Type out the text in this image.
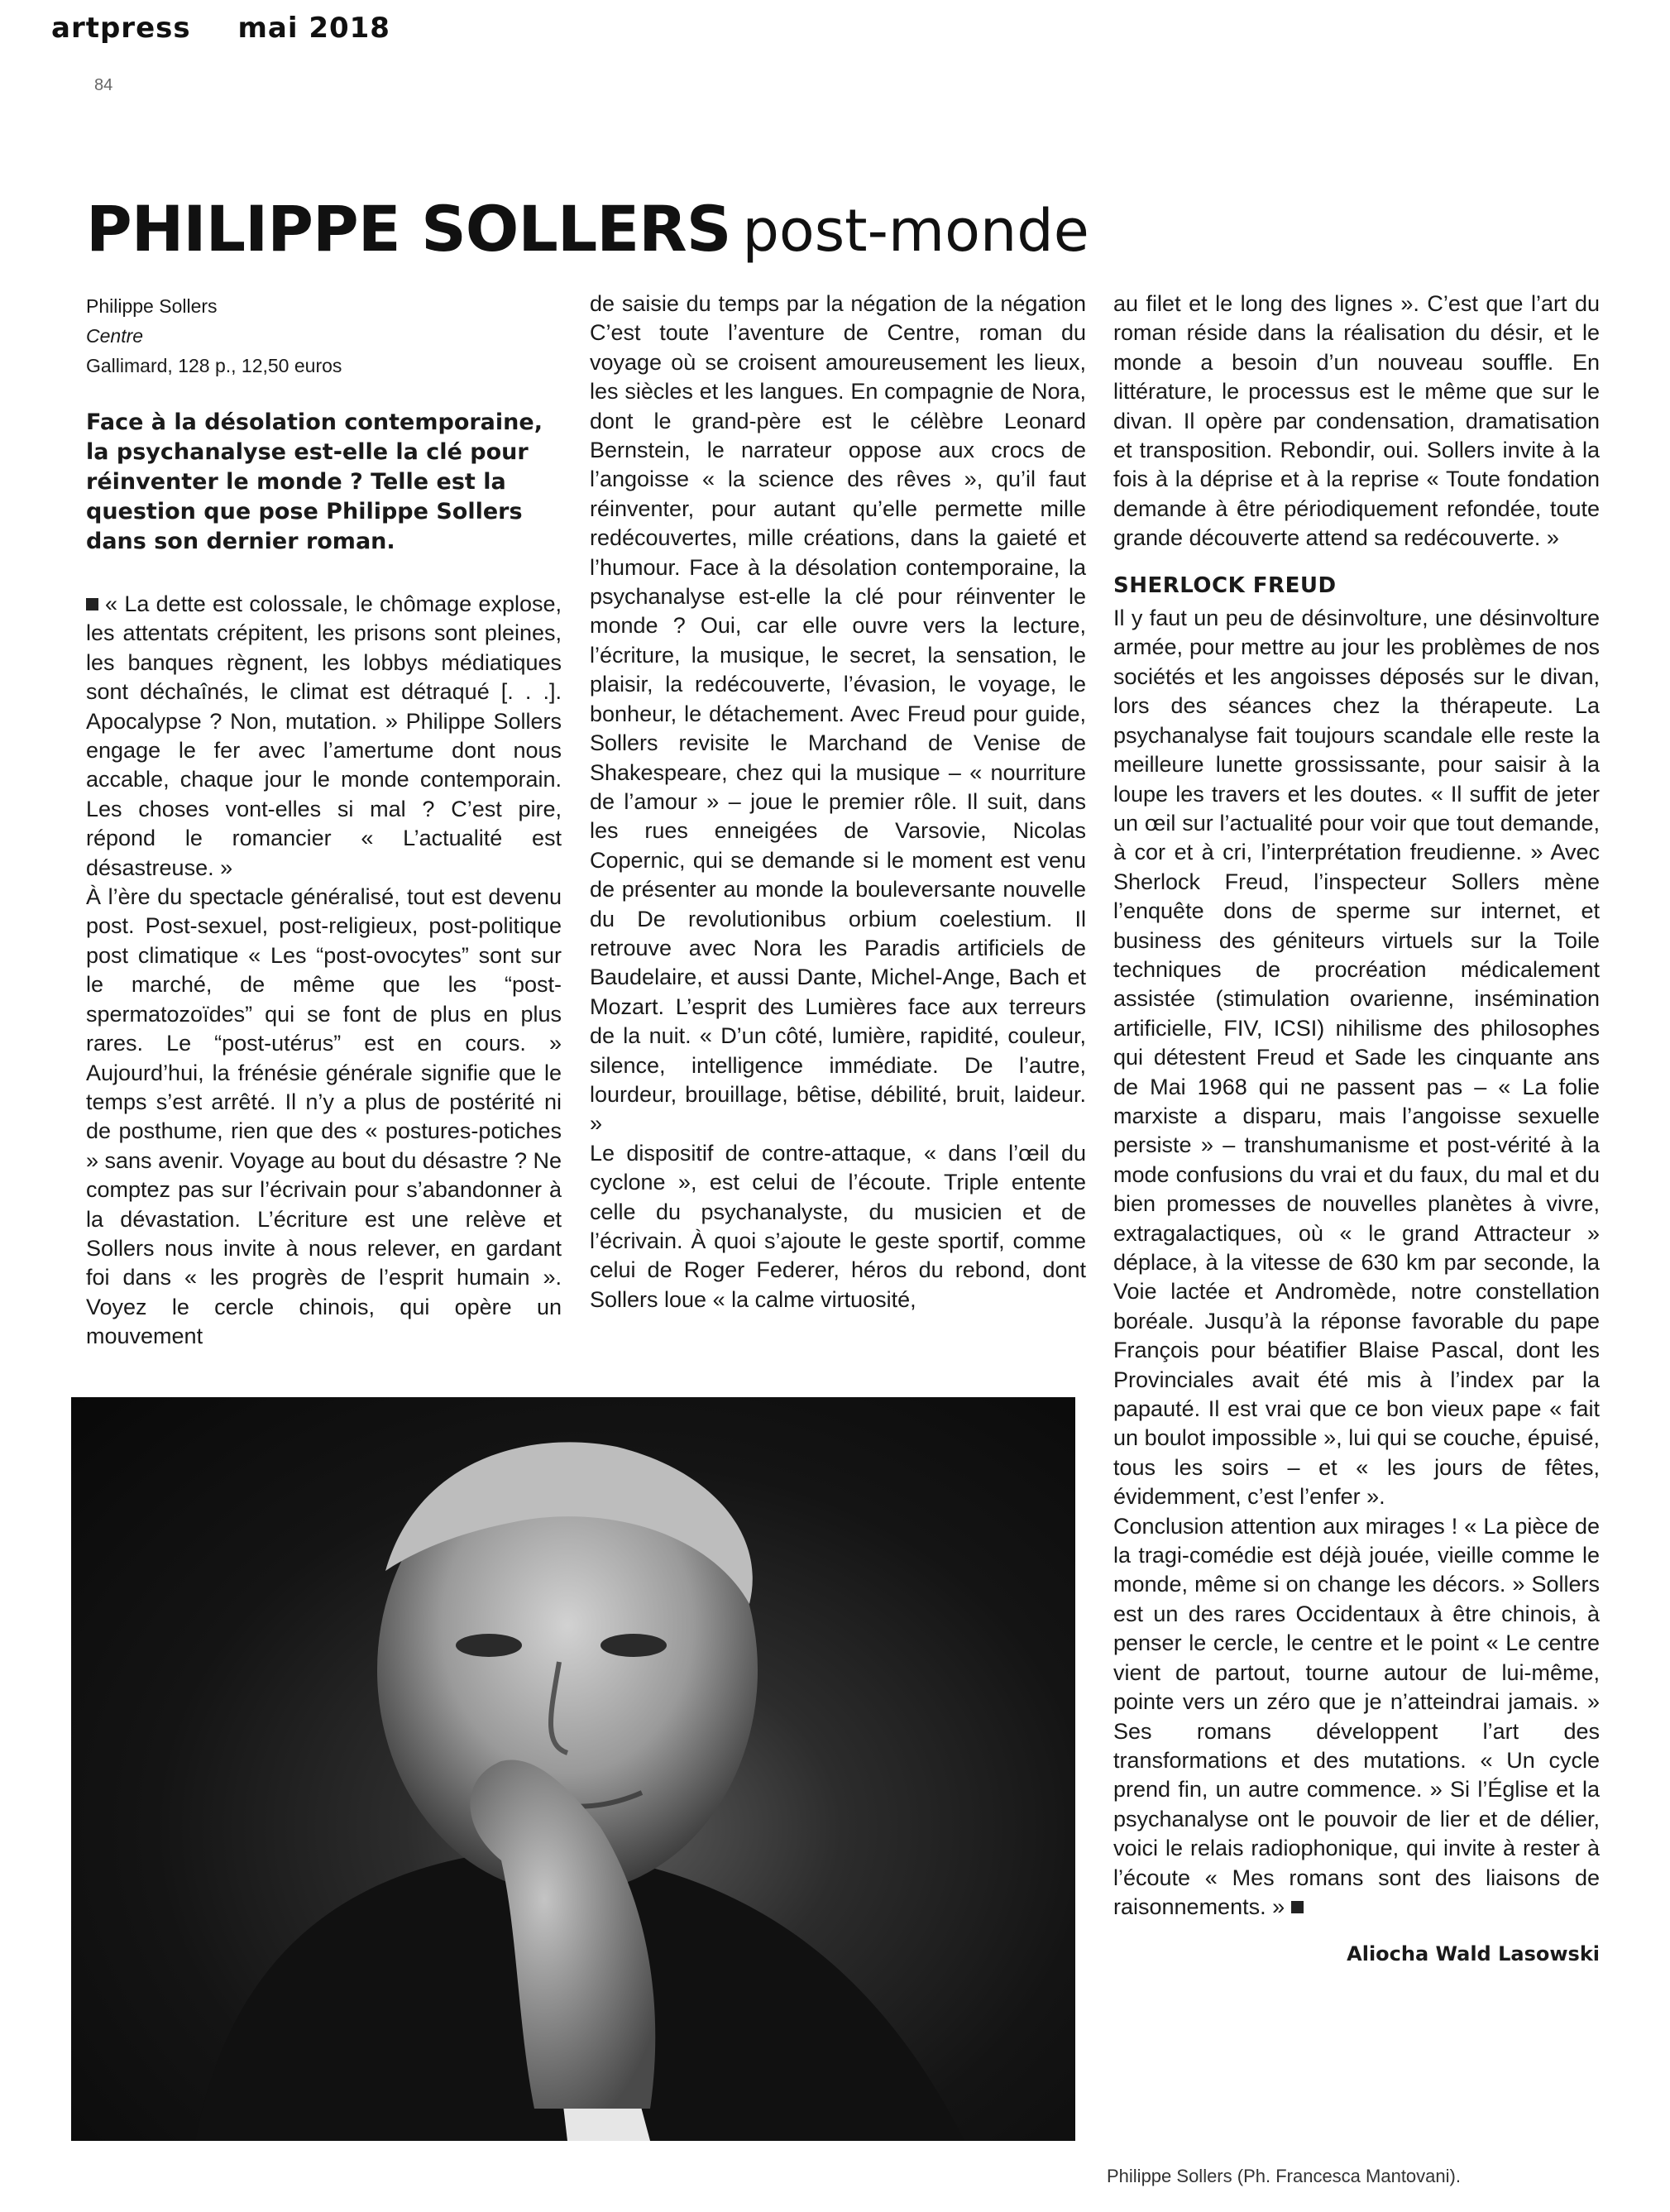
artpress mai 2018
84
PHILIPPE SOLLERS post-monde
Philippe Sollers
Centre
Gallimard, 128 p., 12,50 euros
Face à la désolation contemporaine, la psychanalyse est-elle la clé pour réinventer le monde ? Telle est la question que pose Philippe Sollers dans son dernier roman.

« La dette est colossale, le chômage explose, les attentats crépitent, les prisons sont pleines, les banques règnent, les lobbys médiatiques sont déchaînés, le climat est détraqué [. . .]. Apocalypse ? Non, mutation. » Philippe Sollers engage le fer avec l’amertume dont nous accable, chaque jour le monde contemporain. Les choses vont-elles si mal ? C’est pire, répond le romancier « L’actualité est désastreuse. »

À l’ère du spectacle généralisé, tout est devenu post. Post-sexuel, post-religieux, post-politique post climatique « Les “post-ovocytes” sont sur le marché, de même que les “post-spermatozoïdes” qui se font de plus en plus rares. Le “post-utérus” est en cours. » Aujourd’hui, la frénésie générale signifie que le temps s’est arrêté. Il n’y a plus de postérité ni de posthume, rien que des « postures-potiches » sans avenir. Voyage au bout du désastre ? Ne comptez pas sur l’écrivain pour s’abandonner à la dévastation. L’écriture est une relève et Sollers nous invite à nous relever, en gardant foi dans « les progrès de l’esprit humain ». Voyez le cercle chinois, qui opère un mouvement

de saisie du temps par la négation de la négation C’est toute l’aventure de Centre, roman du voyage où se croisent amoureusement les lieux, les siècles et les langues. En compagnie de Nora, dont le grand-père est le célèbre Leonard Bernstein, le narrateur oppose aux crocs de l’angoisse « la science des rêves », qu’il faut réinventer, pour autant qu’elle permette mille redécouvertes, mille créations, dans la gaieté et l’humour. Face à la désolation contemporaine, la psychanalyse est-elle la clé pour réinventer le monde ? Oui, car elle ouvre vers la lecture, l’écriture, la musique, le secret, la sensation, le plaisir, la redécouverte, l’évasion, le voyage, le bonheur, le détachement. Avec Freud pour guide, Sollers revisite le Marchand de Venise de Shakespeare, chez qui la musique – « nourriture de l’amour » – joue le premier rôle. Il suit, dans les rues enneigées de Varsovie, Nicolas Copernic, qui se demande si le moment est venu de présenter au monde la bouleversante nouvelle du De revolutionibus orbium coelestium. Il retrouve avec Nora les Paradis artificiels de Baudelaire, et aussi Dante, Michel-Ange, Bach et Mozart. L’esprit des Lumières face aux terreurs de la nuit. « D’un côté, lumière, rapidité, couleur, silence, intelligence immédiate. De l’autre, lourdeur, brouillage, bêtise, débilité, bruit, laideur. »

Le dispositif de contre-attaque, « dans l’œil du cyclone », est celui de l’écoute. Triple entente celle du psychanalyste, du musicien et de l’écrivain. À quoi s’ajoute le geste sportif, comme celui de Roger Federer, héros du rebond, dont Sollers loue « la calme virtuosité,

au filet et le long des lignes ». C’est que l’art du roman réside dans la réalisation du désir, et le monde a besoin d’un nouveau souffle. En littérature, le processus est le même que sur le divan. Il opère par condensation, dramatisation et transposition. Rebondir, oui. Sollers invite à la fois à la déprise et à la reprise « Toute fondation demande à être périodiquement refondée, toute grande découverte attend sa redécouverte. »

SHERLOCK FREUD

Il y faut un peu de désinvolture, une désinvolture armée, pour mettre au jour les problèmes de nos sociétés et les angoisses déposés sur le divan, lors des séances chez la thérapeute. La psychanalyse fait toujours scandale elle reste la meilleure lunette grossissante, pour saisir à la loupe les travers et les doutes. « Il suffit de jeter un œil sur l’actualité pour voir que tout demande, à cor et à cri, l’interprétation freudienne. » Avec Sherlock Freud, l’inspecteur Sollers mène l’enquête dons de sperme sur internet, et business des géniteurs virtuels sur la Toile techniques de procréation médicalement assistée (stimulation ovarienne, insémination artificielle, FIV, ICSI) nihilisme des philosophes qui détestent Freud et Sade les cinquante ans de Mai 1968 qui ne passent pas – « La folie marxiste a disparu, mais l’angoisse sexuelle persiste » – transhumanisme et post-vérité à la mode confusions du vrai et du faux, du mal et du bien promesses de nouvelles planètes à vivre, extragalactiques, où « le grand Attracteur » déplace, à la vitesse de 630 km par seconde, la Voie lactée et Andromède, notre constellation boréale. Jusqu’à la réponse favorable du pape François pour béatifier Blaise Pascal, dont les Provinciales avait été mis à l’index par la papauté. Il est vrai que ce bon vieux pape « fait un boulot impossible », lui qui se couche, épuisé, tous les soirs – et « les jours de fêtes, évidemment, c’est l’enfer ».

Conclusion attention aux mirages ! « La pièce de la tragi-comédie est déjà jouée, vieille comme le monde, même si on change les décors. » Sollers est un des rares Occidentaux à être chinois, à penser le cercle, le centre et le point « Le centre vient de partout, tourne autour de lui-même, pointe vers un zéro que je n’atteindrai jamais. » Ses romans développent l’art des transformations et des mutations. « Un cycle prend fin, un autre commence. » Si l’Église et la psychanalyse ont le pouvoir de lier et de délier, voici le relais radiophonique, qui invite à rester à l’écoute « Mes romans sont des liaisons de raisonnements. »

Aliocha Wald Lasowski
Philippe Sollers (Ph. Francesca Mantovani).
